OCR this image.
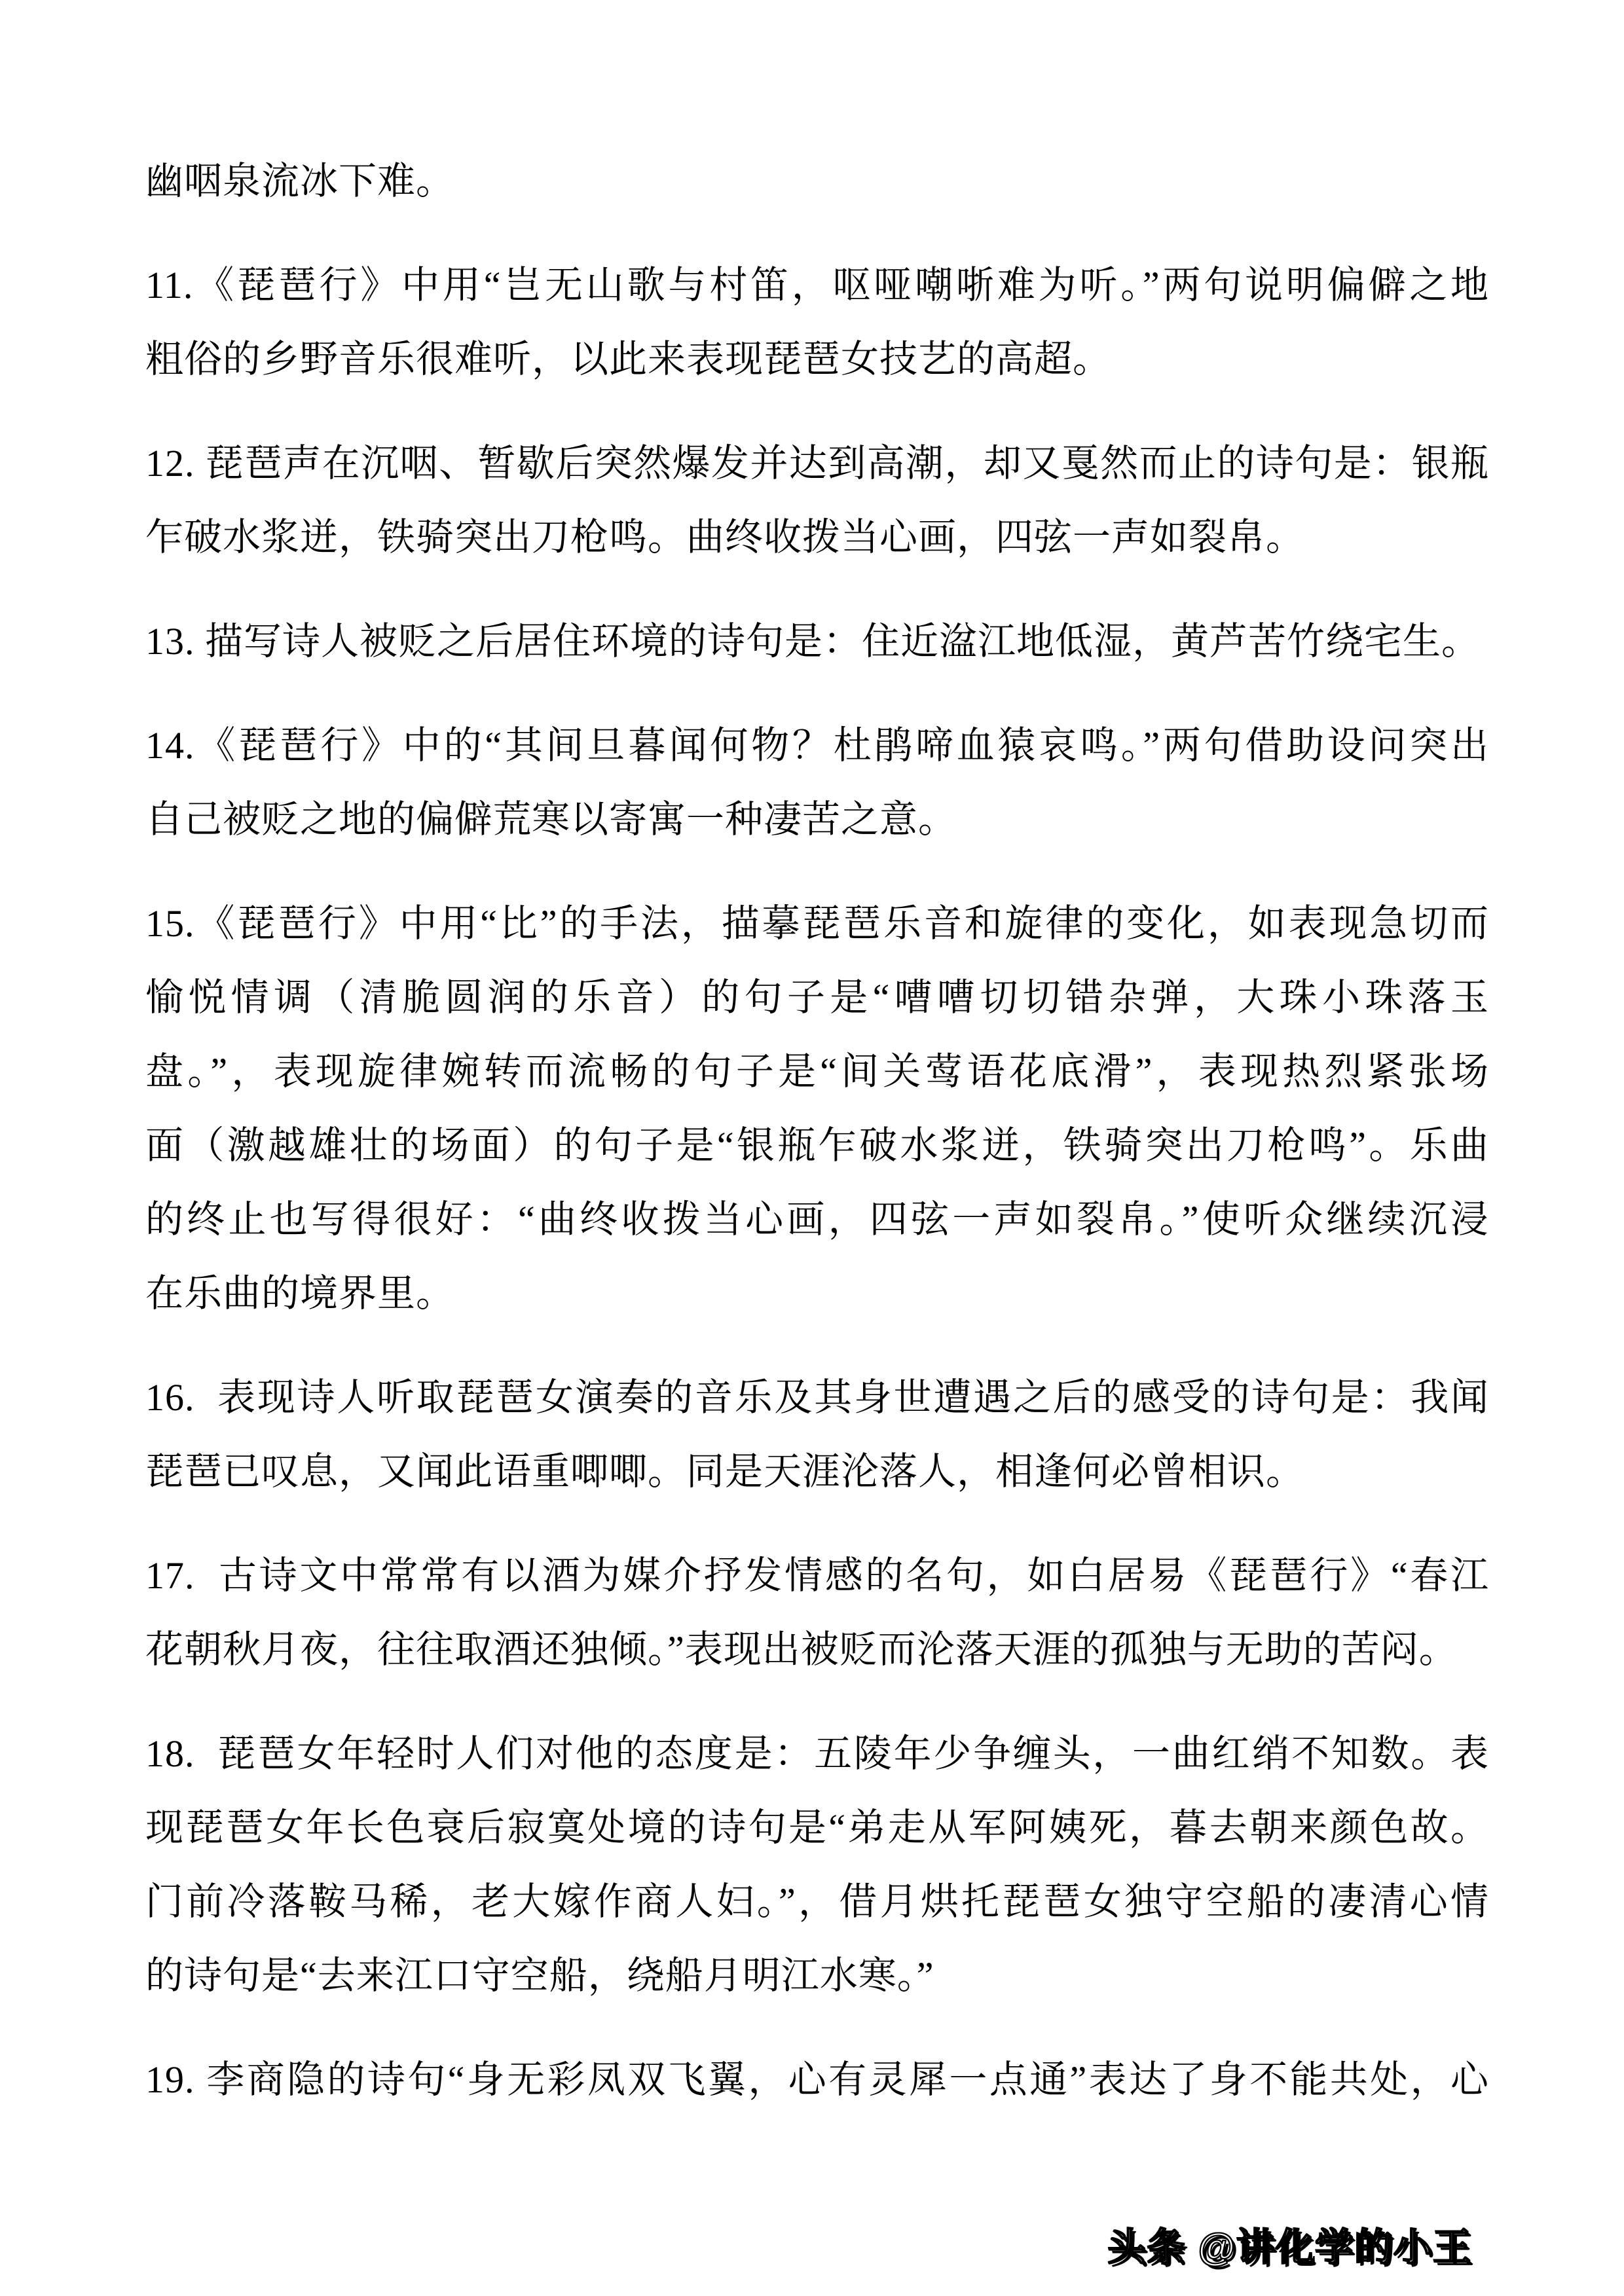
幽咽泉流冰下难。
11.《琵琶行》中用“岂无山歌与村笛，呕哑嘲哳难为听。”两句说明偏僻之地
粗俗的乡野音乐很难听，以此来表现琵琶女技艺的高超。
12. 琵琶声在沉咽、暂歇后突然爆发并达到高潮，却又戛然而止的诗句是：银瓶
乍破水浆迸，铁骑突出刀枪鸣。曲终收拨当心画，四弦一声如裂帛。
13. 描写诗人被贬之后居住环境的诗句是：住近湓江地低湿，黄芦苦竹绕宅生。
14.《琵琶行》中的“其间旦暮闻何物？杜鹃啼血猿哀鸣。”两句借助设问突出
自己被贬之地的偏僻荒寒以寄寓一种凄苦之意。
15.《琵琶行》中用“比”的手法，描摹琵琶乐音和旋律的变化，如表现急切而
愉悦情调（清脆圆润的乐音）的句子是“嘈嘈切切错杂弹，大珠小珠落玉
盘。”，表现旋律婉转而流畅的句子是“间关莺语花底滑”，表现热烈紧张场
面（激越雄壮的场面）的句子是“银瓶乍破水浆迸，铁骑突出刀枪鸣”。乐曲
的终止也写得很好：“曲终收拨当心画，四弦一声如裂帛。”使听众继续沉浸
在乐曲的境界里。
16.  表现诗人听取琵琶女演奏的音乐及其身世遭遇之后的感受的诗句是：我闻
琵琶已叹息，又闻此语重唧唧。同是天涯沦落人，相逢何必曾相识。
17.  古诗文中常常有以酒为媒介抒发情感的名句，如白居易《琵琶行》“春江
花朝秋月夜，往往取酒还独倾。”表现出被贬而沦落天涯的孤独与无助的苦闷。
18.  琵琶女年轻时人们对他的态度是：五陵年少争缠头，一曲红绡不知数。表
现琵琶女年长色衰后寂寞处境的诗句是“弟走从军阿姨死，暮去朝来颜色故。
门前冷落鞍马稀，老大嫁作商人妇。”，借月烘托琵琶女独守空船的凄清心情
的诗句是“去来江口守空船，绕船月明江水寒。”
19. 李商隐的诗句“身无彩凤双飞翼，心有灵犀一点通”表达了身不能共处，心
头条 @讲化学的小王
